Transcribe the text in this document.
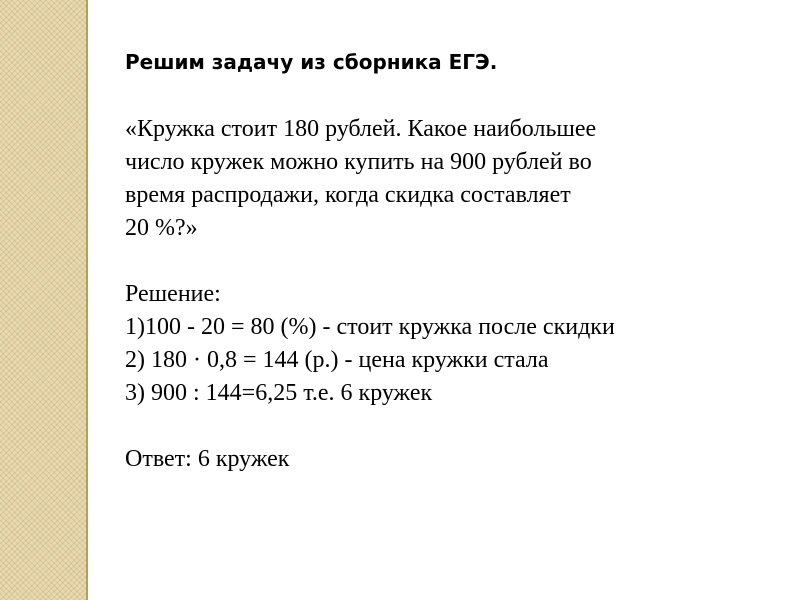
Решим задачу из сборника ЕГЭ.
«Кружка стоит 180 рублей. Какое наибольшее
число кружек можно купить на 900 рублей во
время распродажи, когда скидка составляет
20 %?»
Решение:
1)100 - 20 = 80 (%) - стоит кружка после скидки
2) 180 · 0,8 = 144 (р.) - цена кружки стала
3) 900 : 144=6,25 т.е. 6 кружек
Ответ: 6 кружек
